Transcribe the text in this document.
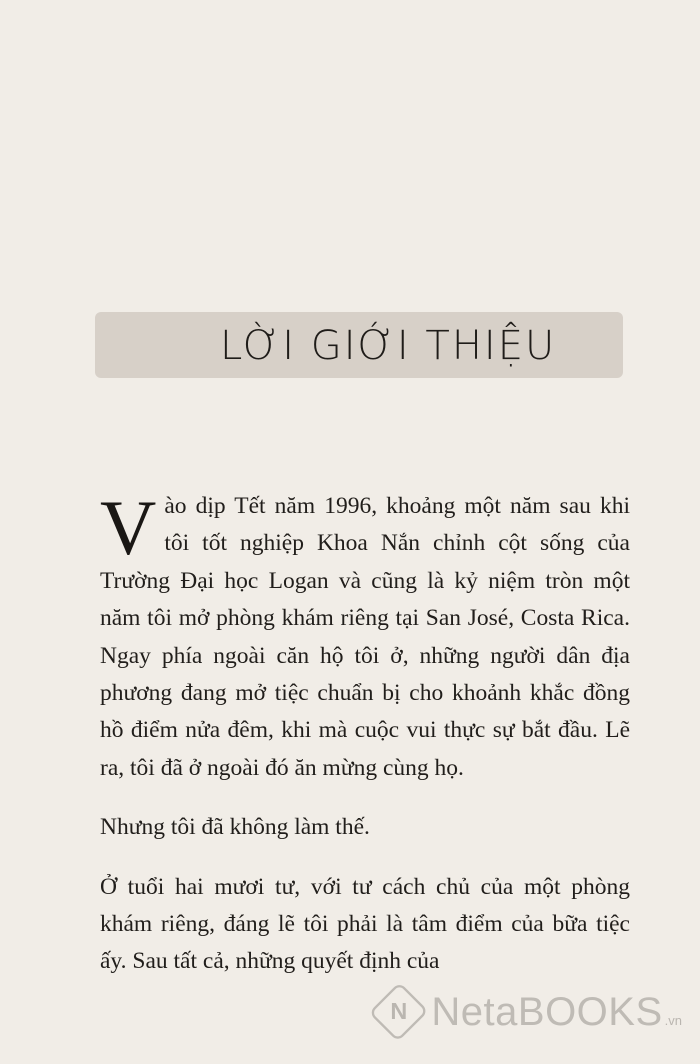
LỜI GIỚI THIỆU

Vào dịp Tết năm 1996, khoảng một năm sau khi tôi tốt nghiệp Khoa Nắn chỉnh cột sống của Trường Đại học Logan và cũng là kỷ niệm tròn một năm tôi mở phòng khám riêng tại San José, Costa Rica. Ngay phía ngoài căn hộ tôi ở, những người dân địa phương đang mở tiệc chuẩn bị cho khoảnh khắc đồng hồ điểm nửa đêm, khi mà cuộc vui thực sự bắt đầu. Lẽ ra, tôi đã ở ngoài đó ăn mừng cùng họ.

Nhưng tôi đã không làm thế.

Ở tuổi hai mươi tư, với tư cách chủ của một phòng khám riêng, đáng lẽ tôi phải là tâm điểm của bữa tiệc ấy. Sau tất cả, những quyết định của

N NetaBOOKS .vn
